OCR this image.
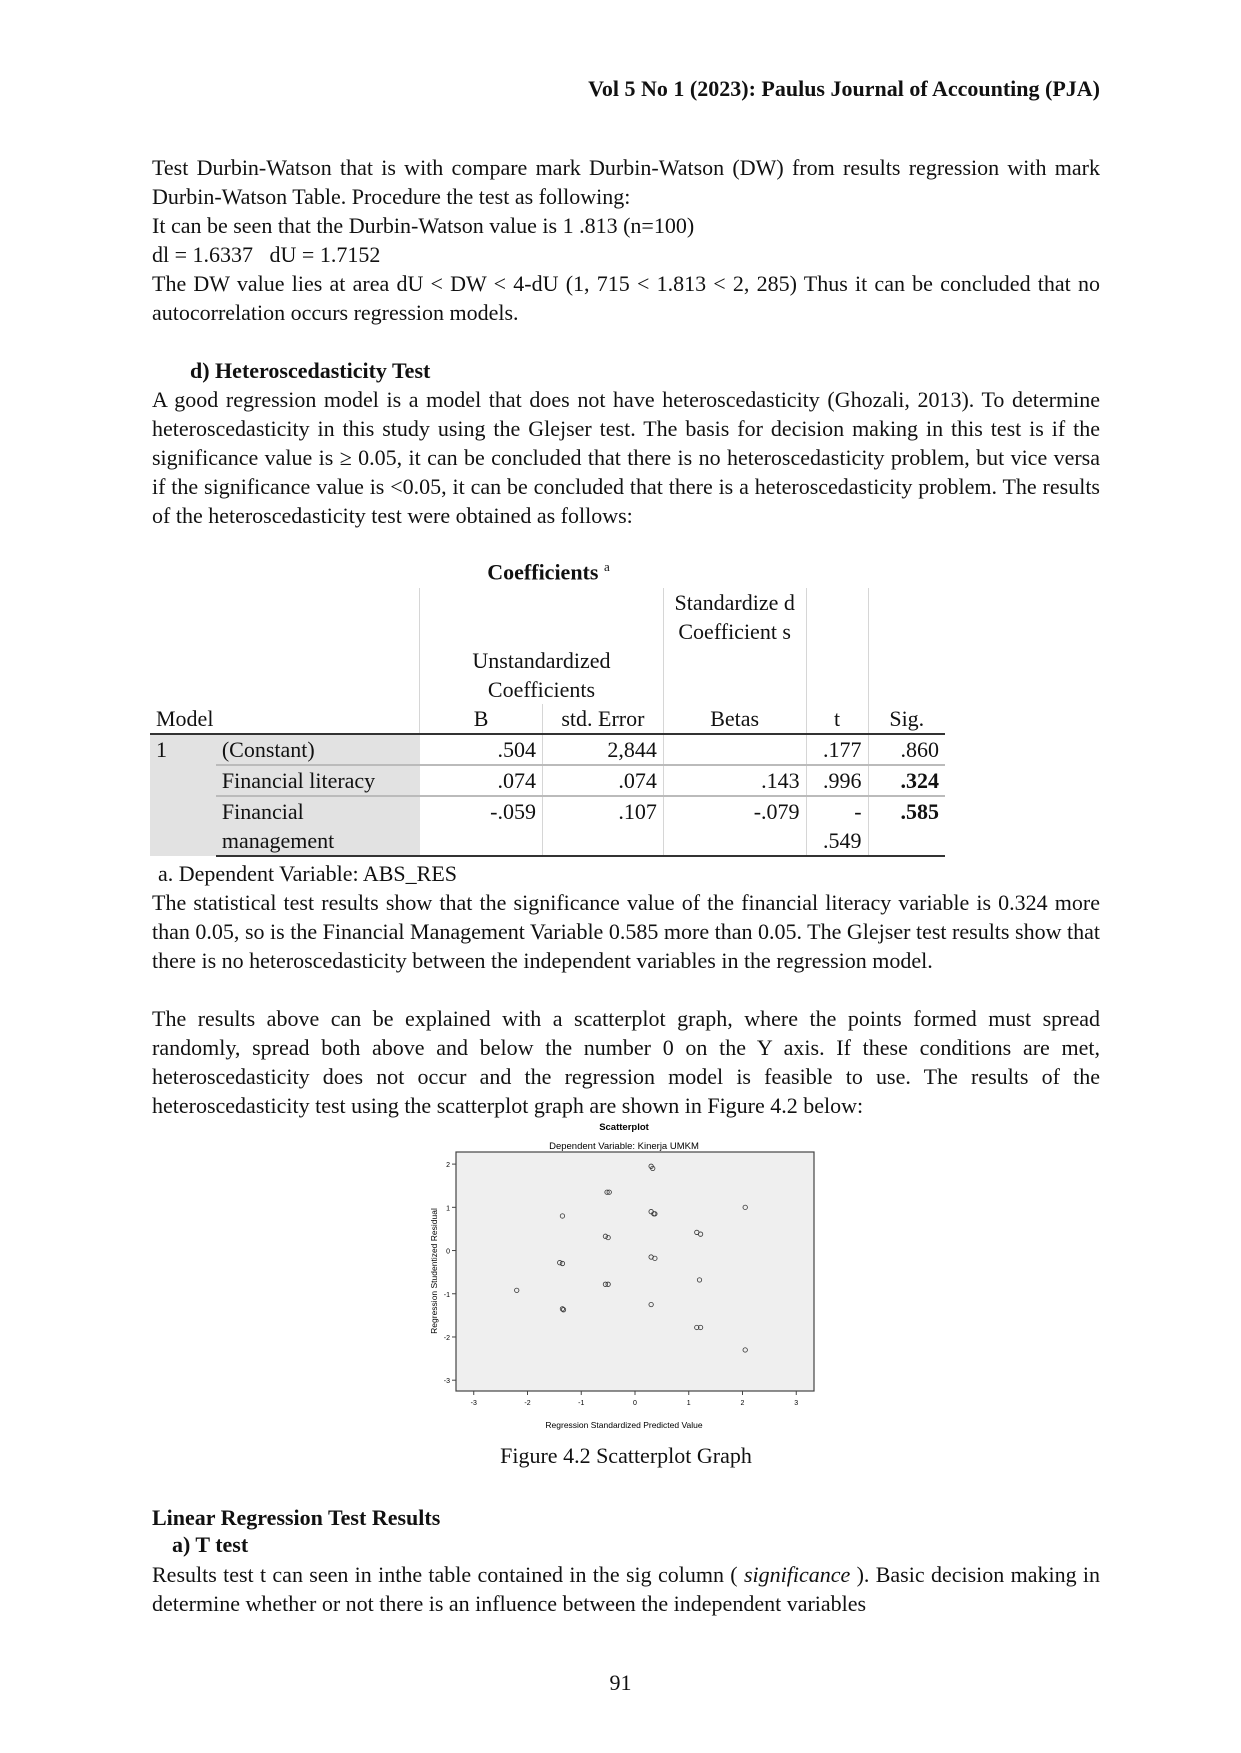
Vol 5 No 1 (2023): Paulus Journal of Accounting (PJA)
Test Durbin-Watson that is with compare mark Durbin-Watson (DW) from results regression with mark Durbin-Watson Table. Procedure the test as following:
It can be seen that the Durbin-Watson value is 1 .813 (n=100)
dl = 1.6337   dU = 1.7152
The DW value lies at area dU < DW < 4-dU (1, 715 < 1.813 < 2, 285) Thus it can be concluded that no autocorrelation occurs regression models.
d) Heteroscedasticity Test
A good regression model is a model that does not have heteroscedasticity (Ghozali, 2013). To determine heteroscedasticity in this study using the Glejser test. The basis for decision making in this test is if the significance value is ≥ 0.05, it can be concluded that there is no heteroscedasticity problem, but vice versa if the significance value is <0.05, it can be concluded that there is a heteroscedasticity problem. The results of the heteroscedasticity test were obtained as follows:
Coefficients $^a$
Model		Unstandardized Coefficients		Standardize d Coefficient s	t	Sig.
		B	std. Error	Betas		
1	(Constant)	.504	2,844		.177	.860
	Financial literacy	.074	.074	.143	.996	.324
	Financial management	-.059	.107	-.079	- .549	.585
a. Dependent Variable: ABS_RES
The statistical test results show that the significance value of the financial literacy variable is 0.324 more than 0.05, so is the Financial Management Variable 0.585 more than 0.05. The Glejser test results show that there is no heteroscedasticity between the independent variables in the regression model.
The results above can be explained with a scatterplot graph, where the points formed must spread randomly, spread both above and below the number 0 on the Y axis. If these conditions are met, heteroscedasticity does not occur and the regression model is feasible to use. The results of the heteroscedasticity test using the scatterplot graph are shown in Figure 4.2 below:
Scatterplot
Dependent Variable: Kinerja UMKM
Regression Standardized Predicted Value
Regression Studentized Residual
-3	-2	-1	0	1	2	3
-3
-2
-1
0
1
2
Figure 4.2 Scatterplot Graph
Linear Regression Test Results
a) T test
Results test t can seen in inthe table contained in the sig column ( significance ). Basic decision making in determine whether or not there is an influence between the independent variables
91
